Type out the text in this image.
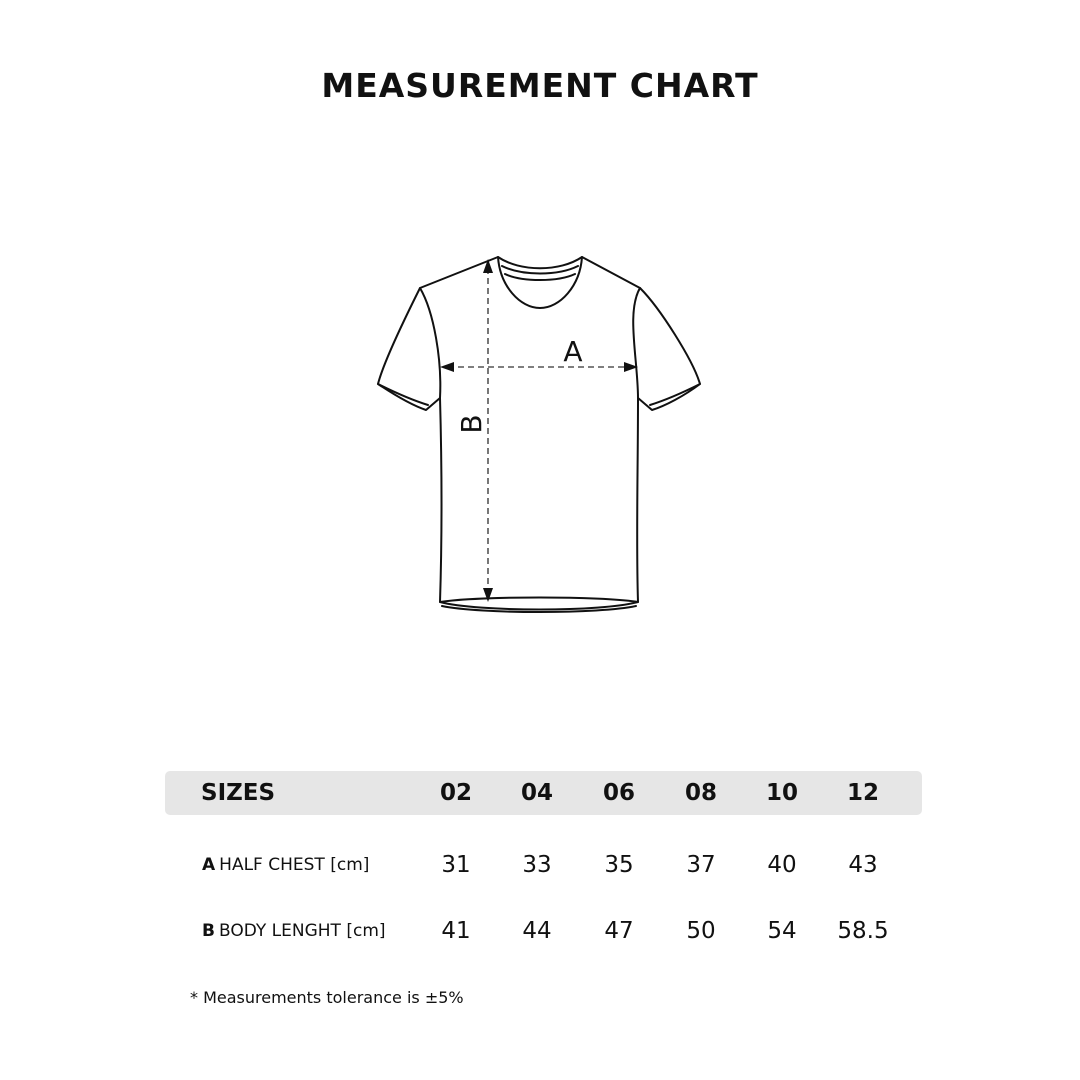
MEASUREMENT CHART
A
B
SIZES	02	04	06	08	10	12
A HALF CHEST [cm]	31	33	35	37	40	43
B BODY LENGHT [cm]	41	44	47	50	54	58.5
* Measurements tolerance is ±5%
